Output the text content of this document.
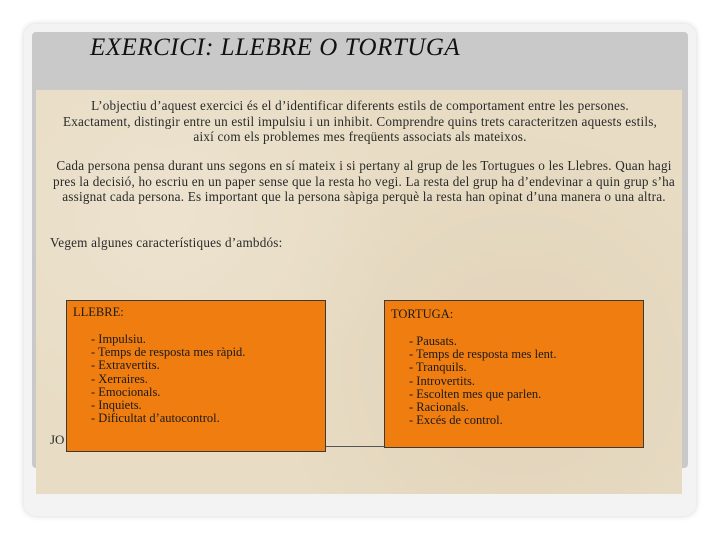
EXERCICI: LLEBRE O TORTUGA
L’objectiu d’aquest exercici és el d’identificar diferents estils de comportament entre les persones. Exactament, distingir entre un estil impulsiu i un inhibit. Comprendre quins trets caracteritzen aquests estils, així com els problemes mes freqüents associats als mateixos.
Cada persona pensa durant uns segons en sí mateix i si pertany al grup de les Tortugues o les Llebres. Quan hagi pres la decisió, ho escriu en un paper sense que la resta ho vegi. La resta del grup ha d’endevinar a quin grup s’ha assignat cada persona. Es important que la persona sàpiga perquè la resta han opinat d’una manera o una altra.
Vegem algunes característiques d’ambdós:
JO
LLEBRE:
- Impulsiu.
- Temps de resposta mes ràpid.
- Extravertits.
- Xerraires.
- Emocionals.
- Inquiets.
- Dificultat d’autocontrol.
TORTUGA:
- Pausats.
- Temps de resposta mes lent.
- Tranquils.
- Introvertits.
- Escolten mes que parlen.
- Racionals.
- Excés de control.
